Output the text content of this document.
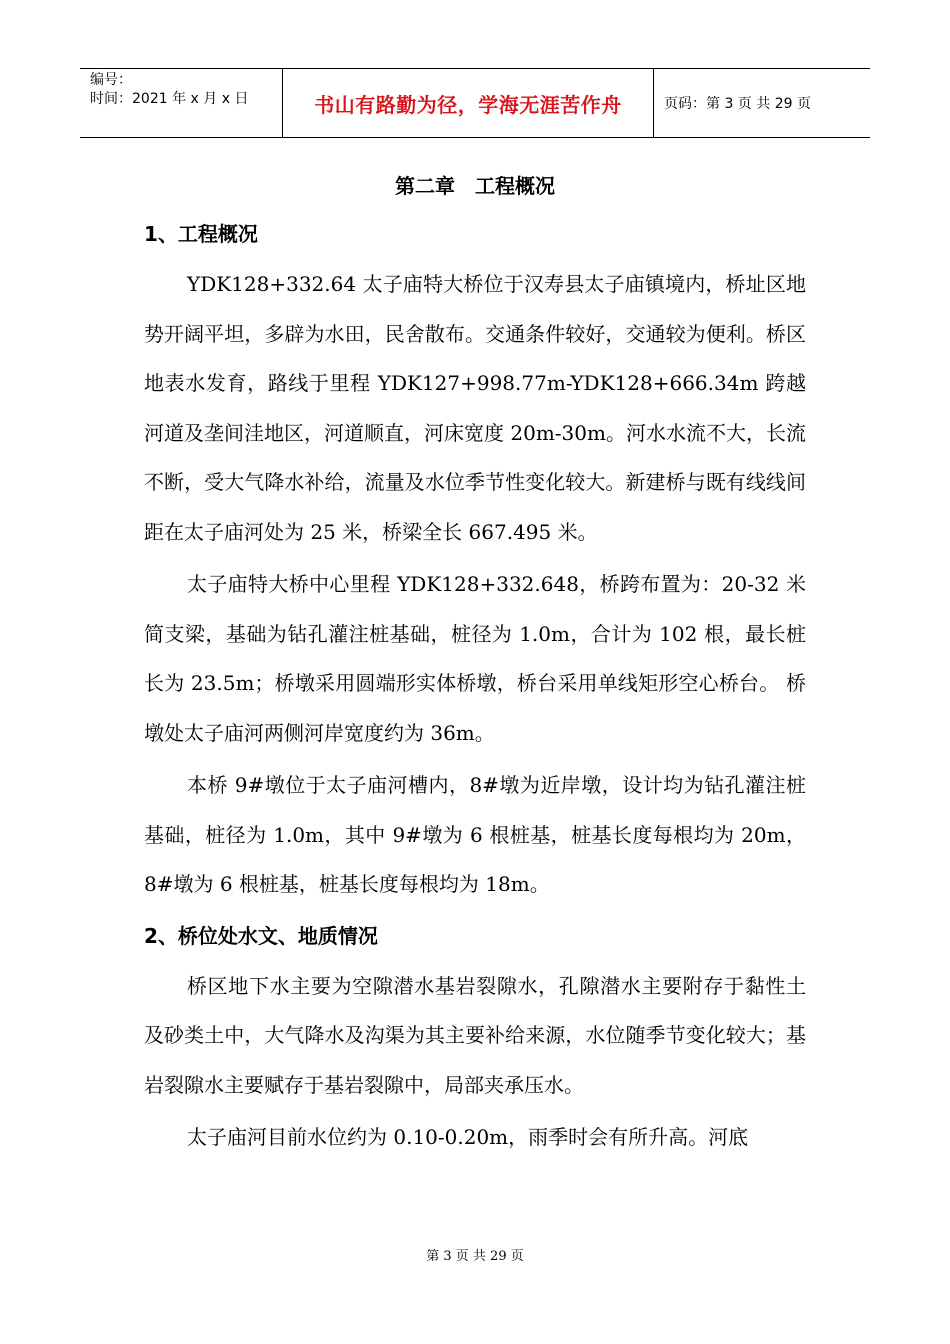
编号：
时间：2021 年 x 月 x 日	书山有路勤为径，学海无涯苦作舟	页码：第 3 页 共 29 页
第二章　工程概况
1、工程概况

YDK128+332.64 太子庙特大桥位于汉寿县太子庙镇境内，桥址区地势开阔平坦，多辟为水田，民舍散布。交通条件较好，交通较为便利。桥区地表水发育，路线于里程 YDK127+998.77m-YDK128+666.34m 跨越河道及垄间洼地区，河道顺直，河床宽度 20m-30m。河水水流不大，长流不断，受大气降水补给，流量及水位季节性变化较大。新建桥与既有线线间距在太子庙河处为 25 米，桥梁全长 667.495 米。

太子庙特大桥中心里程 YDK128+332.648，桥跨布置为：20-32 米简支梁，基础为钻孔灌注桩基础，桩径为 1.0m，合计为 102 根，最长桩长为 23.5m；桥墩采用圆端形实体桥墩，桥台采用单线矩形空心桥台。 桥墩处太子庙河两侧河岸宽度约为 36m。

本桥 9#墩位于太子庙河槽内，8#墩为近岸墩，设计均为钻孔灌注桩基础，桩径为 1.0m，其中 9#墩为 6 根桩基，桩基长度每根均为 20m，8#墩为 6 根桩基，桩基长度每根均为 18m。

2、桥位处水文、地质情况

桥区地下水主要为空隙潜水基岩裂隙水，孔隙潜水主要附存于黏性土及砂类土中，大气降水及沟渠为其主要补给来源，水位随季节变化较大；基岩裂隙水主要赋存于基岩裂隙中，局部夹承压水。

太子庙河目前水位约为 0.10-0.20m，雨季时会有所升高。河底

第 3 页 共 29 页
